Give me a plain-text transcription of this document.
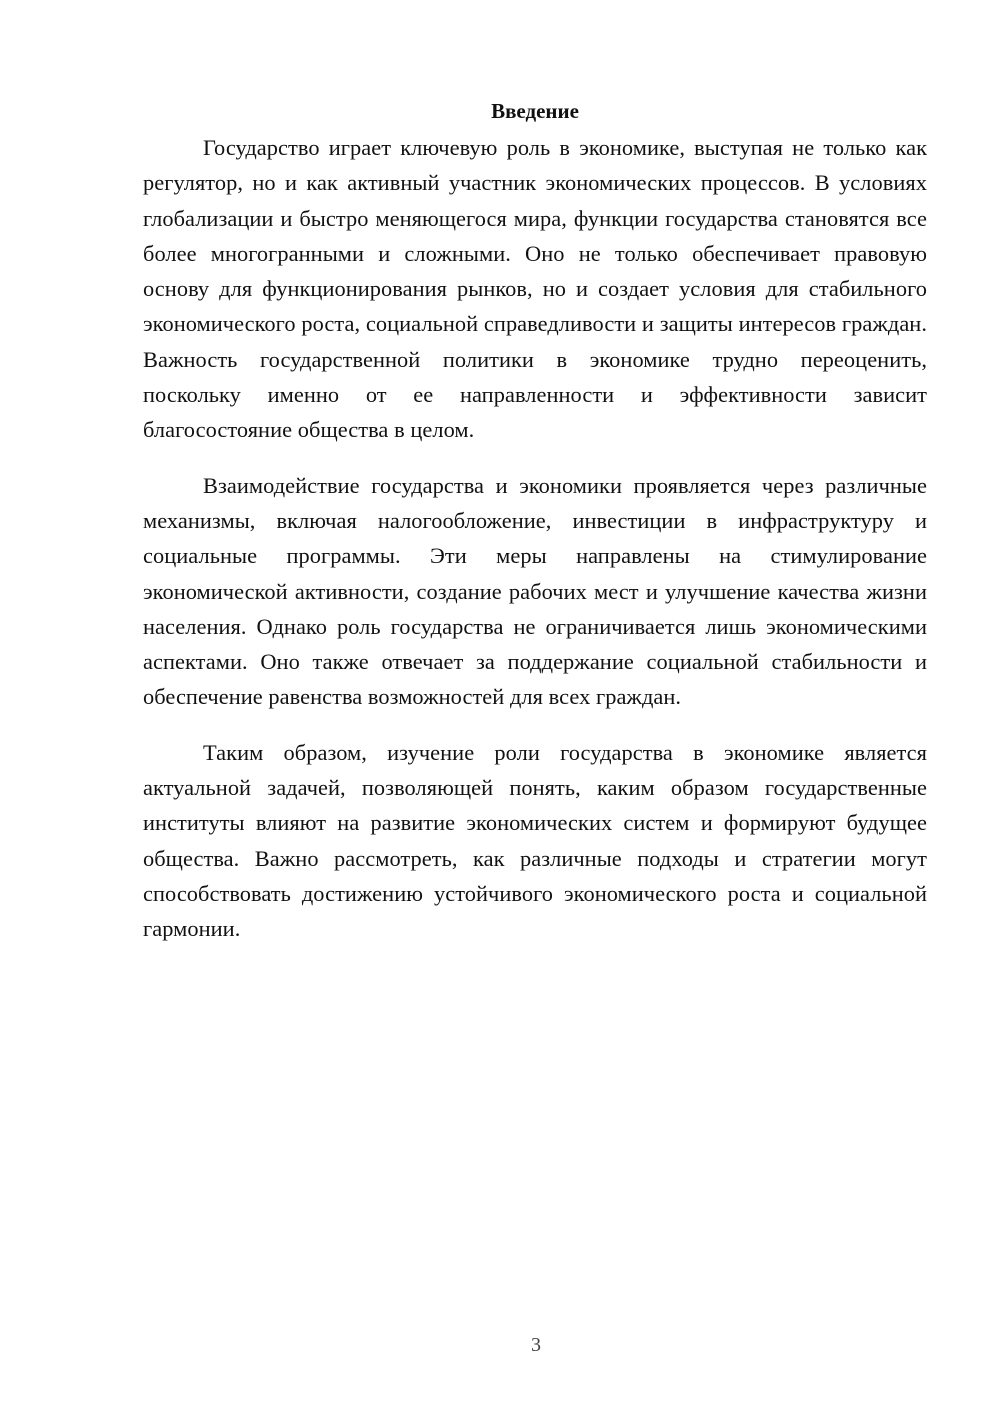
Введение

Государство играет ключевую роль в экономике, выступая не только как регулятор, но и как активный участник экономических процессов. В условиях глобализации и быстро меняющегося мира, функции государства становятся все более многогранными и сложными. Оно не только обеспечивает правовую основу для функционирования рынков, но и создает условия для стабильного экономического роста, социальной справедливости и защиты интересов граждан. Важность государственной политики в экономике трудно переоценить, поскольку именно от ее направленности и эффективности зависит благосостояние общества в целом.

Взаимодействие государства и экономики проявляется через различные механизмы, включая налогообложение, инвестиции в инфраструктуру и социальные программы. Эти меры направлены на стимулирование экономической активности, создание рабочих мест и улучшение качества жизни населения. Однако роль государства не ограничивается лишь экономическими аспектами. Оно также отвечает за поддержание социальной стабильности и обеспечение равенства возможностей для всех граждан.

Таким образом, изучение роли государства в экономике является актуальной задачей, позволяющей понять, каким образом государственные институты влияют на развитие экономических систем и формируют будущее общества. Важно рассмотреть, как различные подходы и стратегии могут способствовать достижению устойчивого экономического роста и социальной гармонии.

3
